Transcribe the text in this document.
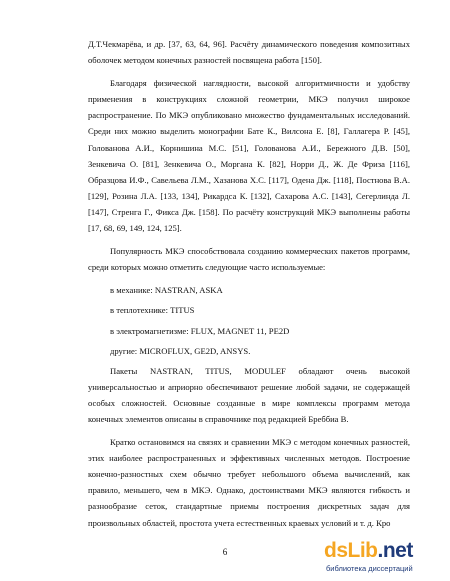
Д.Т.Чекмарёва, и др. [37, 63, 64, 96]. Расчёту динамического поведения композитных оболочек методом конечных разностей посвящена работа [150].

Благодаря физической наглядности, высокой алгоритмичности и удобству применения в конструкциях сложной геометрии, МКЭ получил широкое распространение. По МКЭ опубликовано множество фундаментальных исследований. Среди них можно выделить монографии Бате К., Вилсона Е. [8], Галлагера Р. [45], Голованова А.И., Корнишина М.С. [51], Голованова А.И., Бережного Д.В. [50], Зенкевича О. [81], Зенкевича О., Моргана К. [82], Норри Д., Ж. Де Фриза [116], Образцова И.Ф., Савельева Л.М., Хазанова Х.С. [117], Одена Дж. [118], Постнова В.А.[129], Розина Л.А. [133, 134], Рикардса К. [132], Сахарова А.С. [143], Сегерлинда Л. [147], Стренга Г., Фикса Дж. [158]. По расчёту конструкций МКЭ выполнены работы [17, 68, 69, 149, 124, 125].

Популярность МКЭ способствовала созданию коммерческих пакетов программ, среди которых можно отметить следующие часто используемые:

в механике: NASTRAN, ASKA
в теплотехнике: TITUS
в электромагнетизме: FLUX, MAGNET 11, PE2D
другие: MICROFLUX, GE2D, ANSYS.

Пакеты NASTRAN, TITUS, MODULEF обладают очень высокой универсальностью и априорно обеспечивают решение любой задачи, не содержащей особых сложностей. Основные созданные в мире комплексы программ метода конечных элементов описаны в справочнике под редакцией Бреббиа В.

Кратко остановимся на связях и сравнении МКЭ с методом конечных разностей, этих наиболее распространенных и эффективных численных методов. Построение конечно-разностных схем обычно требует небольшого объема вычислений, как правило, меньшего, чем в МКЭ. Однако, достоинствами МКЭ являются гибкость и разнообразие сеток, стандартные приемы построения дискретных задач для произвольных областей, простота учета естественных краевых условий и т. д. Кро

6	dsLib.net
библиотека диссертаций
